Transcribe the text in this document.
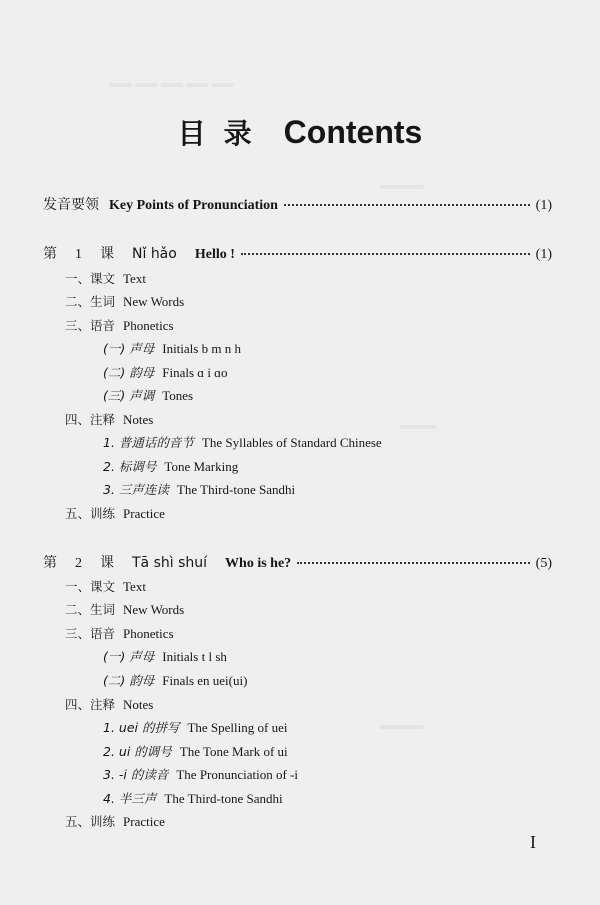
═══ ═══ ═══ ═══ ═══
══════
═════
══════
目录 Contents
发音要领 Key Points of Pronunciation	(1)
第 1 课 Nǐ hǎo Hello !	(1)
一、课文 Text
二、生词 New Words
三、语音 Phonetics
(一) 声母 Initials b m n h
(二) 韵母 Finals ɑ i ɑo
(三) 声调 Tones
四、注释 Notes
1. 普通话的音节 The Syllables of Standard Chinese
2. 标调号 Tone Marking
3. 三声连读 The Third-tone Sandhi
五、训练 Practice
第 2 课 Tā shì shuí Who is he?	(5)
一、课文 Text
二、生词 New Words
三、语音 Phonetics
(一) 声母 Initials t l sh
(二) 韵母 Finals en uei(ui)
四、注释 Notes
1. uei 的拼写 The Spelling of uei
2. ui 的调号 The Tone Mark of ui
3. -i 的读音 The Pronunciation of -i
4. 半三声 The Third-tone Sandhi
五、训练 Practice
I
